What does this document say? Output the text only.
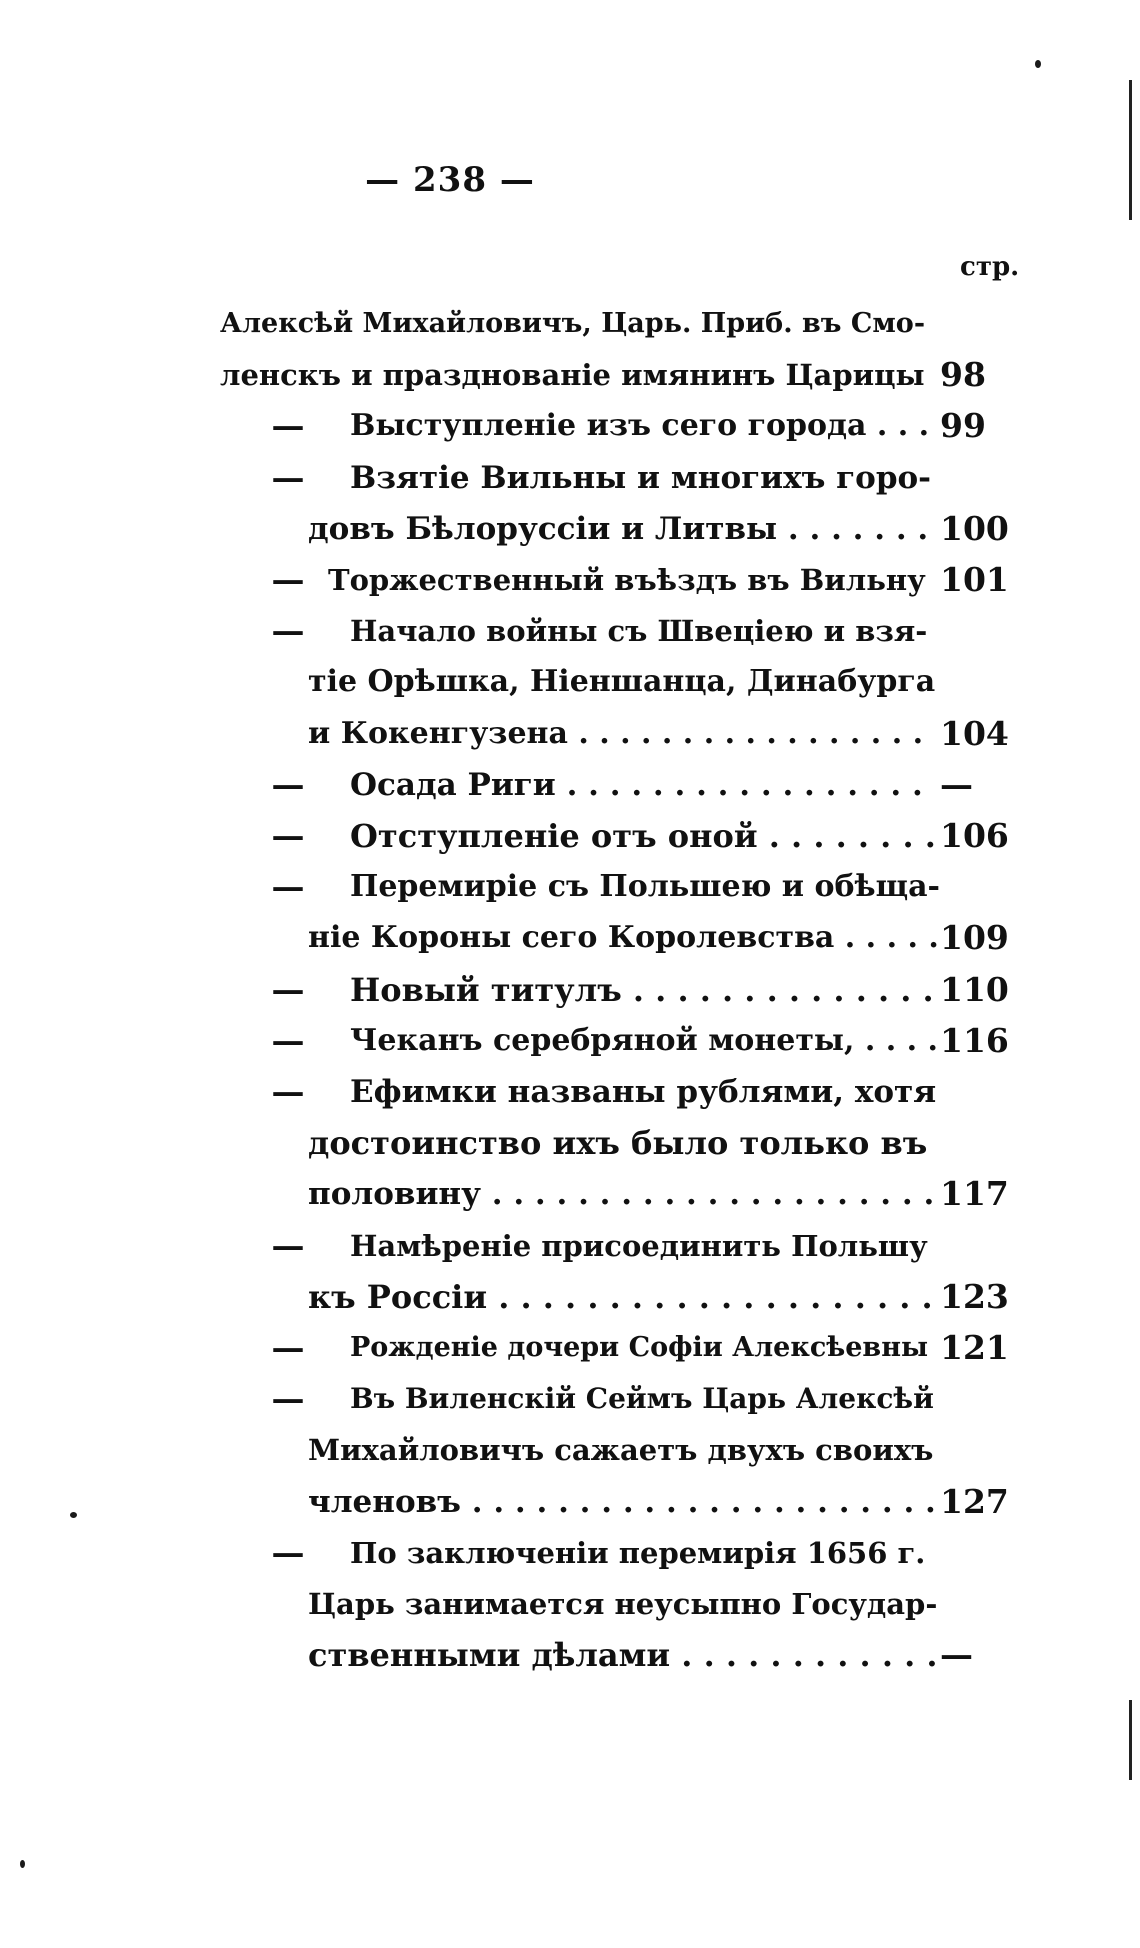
— 238 —
стр.
Алексѣй Михайловичъ, Царь. Приб. въ Смо-
ленскъ и празднованіе имянинъ Царицы 98
— Выступленіе изъ сего города . . . 99
— Взятіе Вильны и многихъ горо-
довъ Бѣлоруссіи и Литвы . . . . . . . 100
— Торжественный въѣздъ въ Вильну 101
— Начало войны съ Швеціею и взя-
тіе Орѣшка, Ніеншанца, Динабурга
и Кокенгузена . . . . . . . . . . . . . . . . . 104
— Осада Риги . . . . . . . . . . . . . . . . . —
— Отступленіе отъ оной . . . . . . . . 106
— Перемиріе съ Польшею и обѣща-
ніе Короны сего Королевства . . . . . 109
— Новый титулъ . . . . . . . . . . . . . . 110
— Чеканъ серебряной монеты, . . . . 116
— Ефимки названы рублями, хотя
достоинство ихъ было только въ
половину . . . . . . . . . . . . . . . . . . . . . 117
— Намѣреніе присоединить Польшу
къ Россіи . . . . . . . . . . . . . . . . . . . . 123
— Рожденіе дочери Софіи Алексѣевны 121
— Въ Виленскій Сеймъ Царь Алексѣй
Михайловичъ сажаетъ двухъ своихъ
членовъ . . . . . . . . . . . . . . . . . . . . . . 127
— По заключеніи перемирія 1656 г.
Царь занимается неусыпно Государ-
ственными дѣлами . . . . . . . . . . . . —
